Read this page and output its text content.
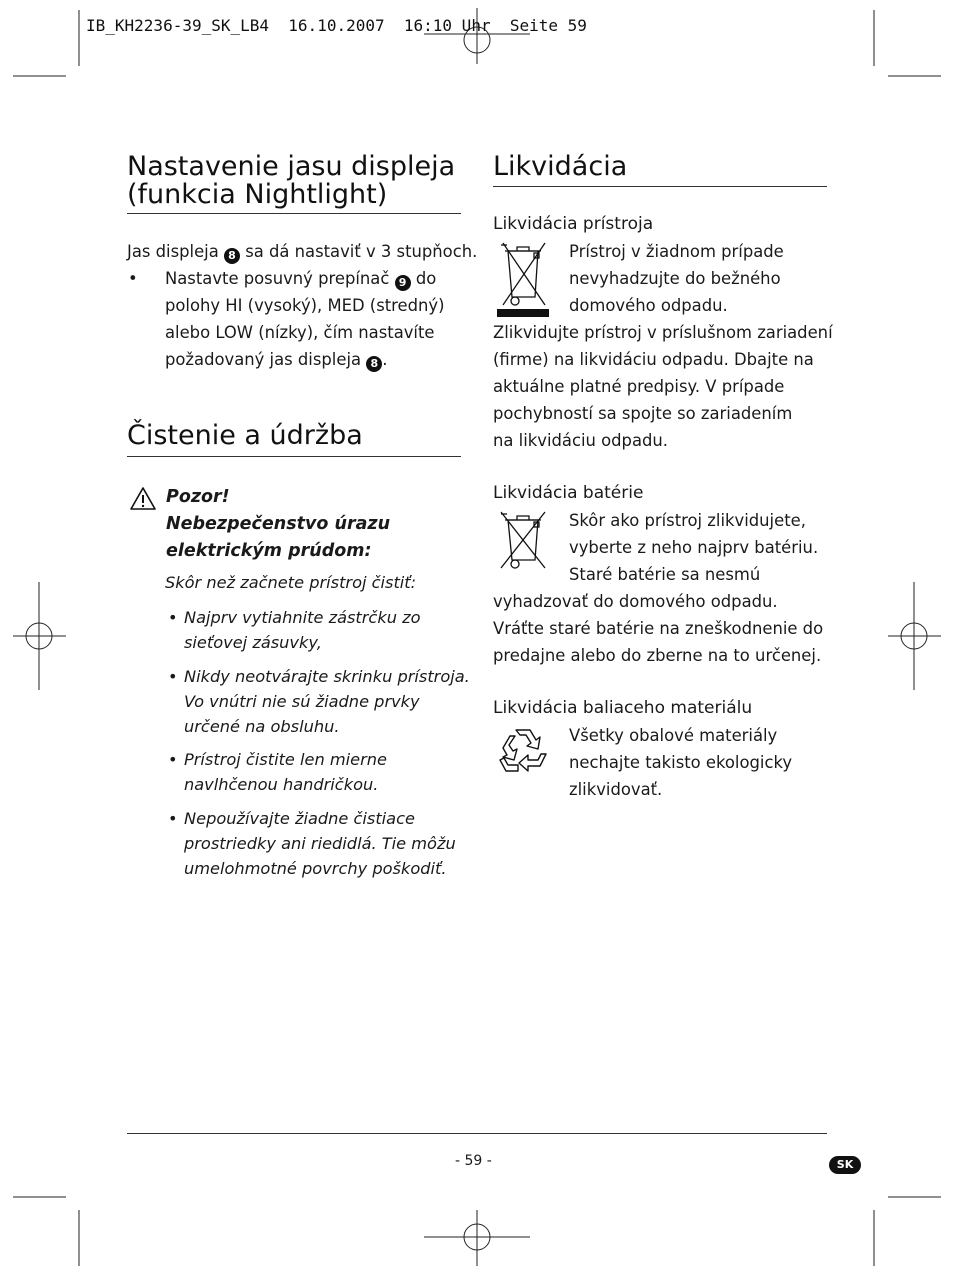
IB_KH2236-39_SK_LB4  16.10.2007  16:10 Uhr  Seite 59
Nastavenie jasu displeja
(funkcia Nightlight)
Jas displeja 8 sa dá nastaviť v 3 stupňoch.
• Nastavte posuvný prepínač 9 do
polohy HI (vysoký), MED (stredný)
alebo LOW (nízky), čím nastavíte
požadovaný jas displeja 8 .
Čistenie a údržba
Pozor!
Nebezpečenstvo úrazu
elektrickým prúdom:
Skôr než začnete prístroj čistiť:
• Najprv vytiahnite zástrčku zo
sieťovej zásuvky,
• Nikdy neotvárajte skrinku prístroja.
Vo vnútri nie sú žiadne prvky
určené na obsluhu.
• Prístroj čistite len mierne
navlhčenou handričkou.
• Nepoužívajte žiadne čistiace
prostriedky ani riedidlá. Tie môžu
umelohmotné povrchy poškodiť.
Likvidácia
Likvidácia prístroja
Prístroj v žiadnom prípade
nevyhadzujte do bežného
domového odpadu.
Zlikvidujte prístroj v príslušnom zariadení
(firme) na likvidáciu odpadu. Dbajte na
aktuálne platné predpisy. V prípade
pochybností sa spojte so zariadením
na likvidáciu odpadu.
Likvidácia batérie
Skôr ako prístroj zlikvidujete,
vyberte z neho najprv batériu.
Staré batérie sa nesmú
vyhadzovať do domového odpadu.
Vráťte staré batérie na zneškodnenie do
predajne alebo do zberne na to určenej.
Likvidácia baliaceho materiálu
Všetky obalové materiály
nechajte takisto ekologicky
zlikvidovať.
- 59 -	SK
